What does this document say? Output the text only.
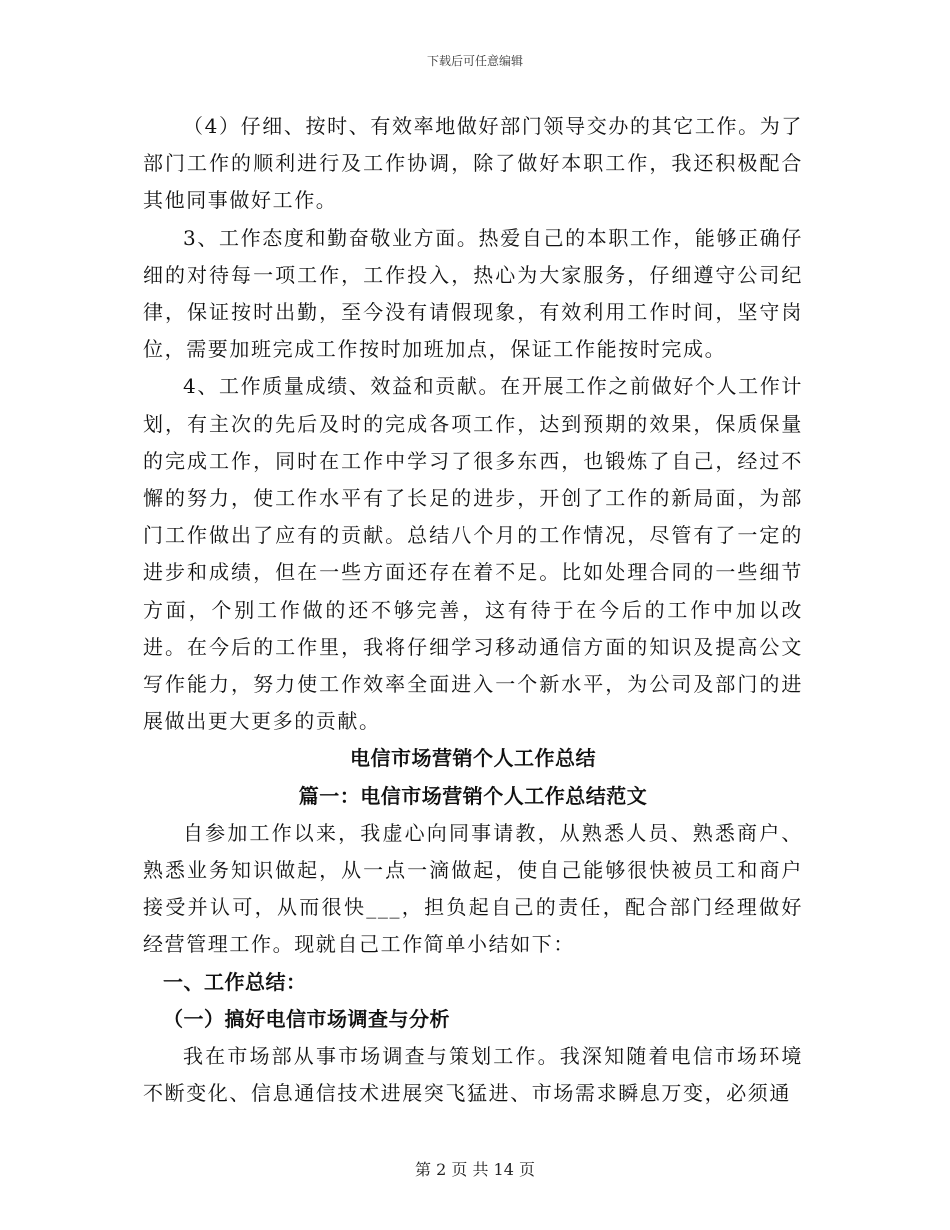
下载后可任意编辑

（4）仔细、按时、有效率地做好部门领导交办的其它工作。为了部门工作的顺利进行及工作协调，除了做好本职工作，我还积极配合其他同事做好工作。

3、工作态度和勤奋敬业方面。热爱自己的本职工作，能够正确仔细的对待每一项工作，工作投入，热心为大家服务，仔细遵守公司纪律，保证按时出勤，至今没有请假现象，有效利用工作时间，坚守岗位，需要加班完成工作按时加班加点，保证工作能按时完成。

4、工作质量成绩、效益和贡献。在开展工作之前做好个人工作计划，有主次的先后及时的完成各项工作，达到预期的效果，保质保量的完成工作，同时在工作中学习了很多东西，也锻炼了自己，经过不懈的努力，使工作水平有了长足的进步，开创了工作的新局面，为部门工作做出了应有的贡献。总结八个月的工作情况，尽管有了一定的进步和成绩，但在一些方面还存在着不足。比如处理合同的一些细节方面，个别工作做的还不够完善，这有待于在今后的工作中加以改进。在今后的工作里，我将仔细学习移动通信方面的知识及提高公文写作能力，努力使工作效率全面进入一个新水平，为公司及部门的进展做出更大更多的贡献。

电信市场营销个人工作总结

篇一：电信市场营销个人工作总结范文

自参加工作以来，我虚心向同事请教，从熟悉人员、熟悉商户、熟悉业务知识做起，从一点一滴做起，使自己能够很快被员工和商户接受并认可，从而很快___，担负起自己的责任，配合部门经理做好经营管理工作。现就自己工作简单小结如下：

一、工作总结：

（一）搞好电信市场调查与分析

我在市场部从事市场调查与策划工作。我深知随着电信市场环境不断变化、信息通信技术进展突飞猛进、市场需求瞬息万变，必须通

第 2 页 共 14 页
